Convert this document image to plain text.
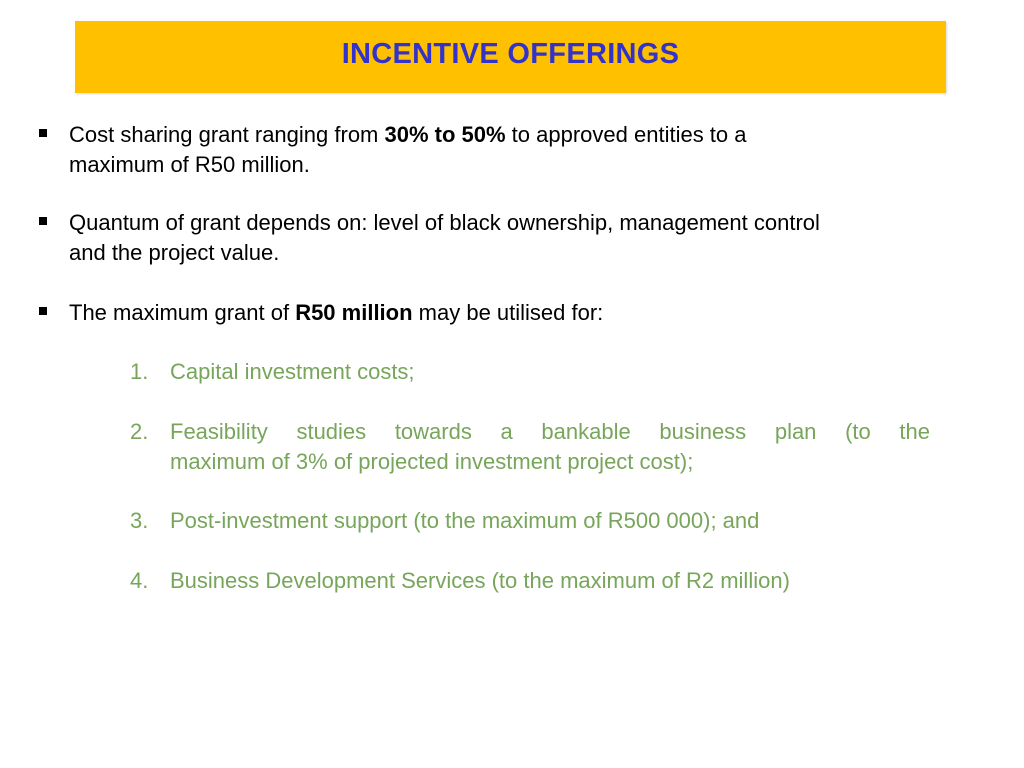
INCENTIVE OFFERINGS
Cost sharing grant ranging from 30% to 50% to approved entities to a
maximum of R50 million.
Quantum of grant depends on: level of black ownership, management control
and the project value.
The maximum grant of R50 million may be utilised for:
1. Capital investment costs;
2. Feasibility studies towards a bankable business plan (to the
maximum of 3% of projected investment project cost);
3. Post-investment support (to the maximum of R500 000); and
4. Business Development Services (to the maximum of R2 million)
